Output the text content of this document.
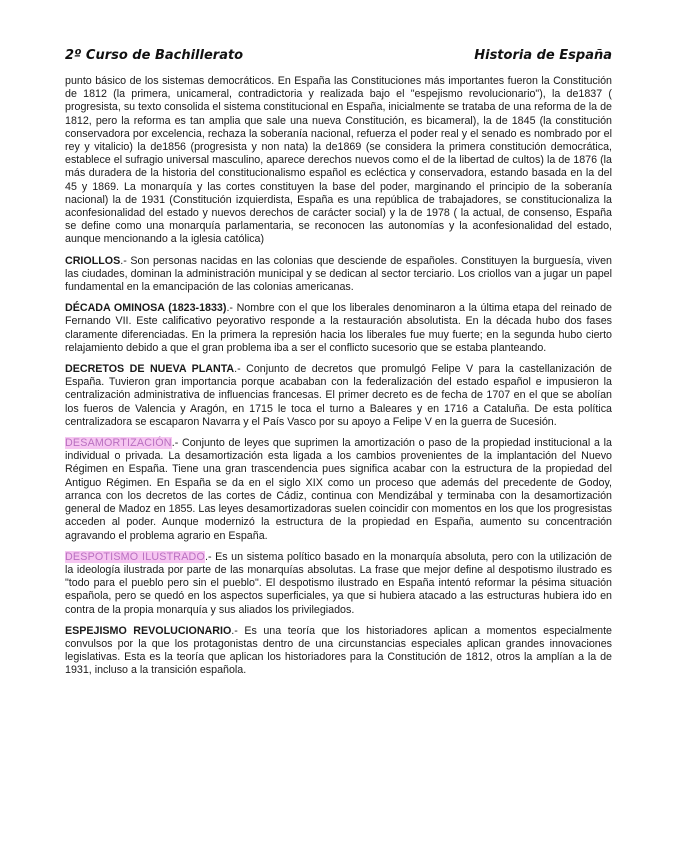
2º Curso de Bachillerato	Historia de España

punto básico de los sistemas democráticos. En España las Constituciones más importantes fueron la Constitución de 1812 (la primera, unicameral, contradictoria y realizada bajo el "espejismo revolucionario"), la de1837 ( progresista, su texto consolida el sistema constitucional en España, inicialmente se trataba de una reforma de la de 1812, pero la reforma es tan amplia que sale una nueva Constitución, es bicameral), la de 1845 (la constitución conservadora por excelencia, rechaza la soberanía nacional, refuerza el poder real y el senado es nombrado por el rey y vitalicio) la de1856 (progresista y non nata) la de1869 (se considera la primera constitución democrática, establece el sufragio universal masculino, aparece derechos nuevos como el de la libertad de cultos) la de 1876 (la más duradera de la historia del constitucionalismo español es ecléctica y conservadora, estando basada en la del 45 y 1869. La monarquía y las cortes constituyen la base del poder, marginando el principio de la soberanía nacional) la de 1931 (Constitución izquierdista, España es una república de trabajadores, se constitucionaliza la aconfesionalidad del estado y nuevos derechos de carácter social) y la de 1978 ( la actual, de consenso, España se define como una monarquía parlamentaria, se reconocen las autonomías y la aconfesionalidad del estado, aunque mencionando a la iglesia católica)

CRIOLLOS.- Son personas nacidas en las colonias que desciende de españoles. Constituyen la burguesía, viven las ciudades, dominan la administración municipal y se dedican al sector terciario. Los criollos van a jugar un papel fundamental en la emancipación de las colonias americanas.

DÉCADA OMINOSA (1823-1833).- Nombre con el que los liberales denominaron a la última etapa del reinado de Fernando VII. Este calificativo peyorativo responde a la restauración absolutista. En la década hubo dos fases claramente diferenciadas. En la primera la represión hacia los liberales fue muy fuerte; en la segunda hubo cierto relajamiento debido a que el gran problema iba a ser el conflicto sucesorio que se estaba planteando.

DECRETOS DE NUEVA PLANTA.- Conjunto de decretos que promulgó Felipe V para la castellanización de España. Tuvieron gran importancia porque acababan con la federalización del estado español e impusieron la centralización administrativa de influencias francesas. El primer decreto es de fecha de 1707 en el que se abolían los fueros de Valencia y Aragón, en 1715 le toca el turno a Baleares y en 1716 a Cataluña. De esta política centralizadora se escaparon Navarra y el País Vasco por su apoyo a Felipe V en la guerra de Sucesión.

DESAMORTIZACIÓN.- Conjunto de leyes que suprimen la amortización o paso de la propiedad institucional a la individual o privada. La desamortización esta ligada a los cambios provenientes de la implantación del Nuevo Régimen en España. Tiene una gran trascendencia pues significa acabar con la estructura de la propiedad del Antiguo Régimen. En España se da en el siglo XIX como un proceso que además del precedente de Godoy, arranca con los decretos de las cortes de Cádiz, continua con Mendizábal y terminaba con la desamortización general de Madoz en 1855. Las leyes desamortizadoras suelen coincidir con momentos en los que los progresistas acceden al poder. Aunque modernizó la estructura de la propiedad en España, aumento su concentración agravando el problema agrario en España.

DESPOTISMO ILUSTRADO.- Es un sistema político basado en la monarquía absoluta, pero con la utilización de la ideología ilustrada por parte de las monarquías absolutas. La frase que mejor define al despotismo ilustrado es "todo para el pueblo pero sin el pueblo". El despotismo ilustrado en España intentó reformar la pésima situación española, pero se quedó en los aspectos superficiales, ya que si hubiera atacado a las estructuras hubiera ido en contra de la propia monarquía y sus aliados los privilegiados.

ESPEJISMO REVOLUCIONARIO.- Es una teoría que los historiadores aplican a momentos especialmente convulsos por la que los protagonistas dentro de una circunstancias especiales aplican grandes innovaciones legislativas. Esta es la teoría que aplican los historiadores para la Constitución de 1812, otros la amplían a la de 1931, incluso a la transición española.
